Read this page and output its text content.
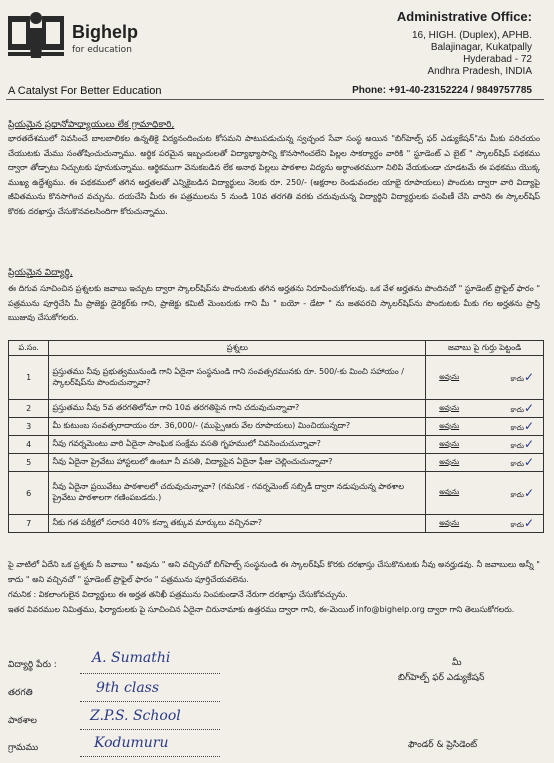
Bighelp
for education
A Catalyst For Better Education
Administrative Office:
16, HIGH. (Duplex), APHB.
Balajinagar, Kukatpally
Hyderabad - 72
Andhra Pradesh, INDIA
Phone: +91-40-23152224 / 9849757785
ప్రియమైన ప్రధానోపాధ్యాయులు లేక గ్రామాధికారి,
భారతదేశములో నివసించే బాలబాలికల ఉన్నతికై విద్యనందించుట కోసమని పాటుపడుచున్న స్వచ్ఛంద సేవా సంస్థ అయిన "బిగ్‌హెల్ప్ ఫర్ ఎడ్యుకేషన్"ను మీకు పరిచయం చేయుటకు మేము సంతోషించుచున్నాము. అర్థిక పరమైన ఇబ్బందులతో విద్యాభ్యాసాన్ని కొనసాగించలేని పిల్లల సాకర్యార్ధం వారికి " స్టూడెంట్ ఎ బైట్ " స్కాలర్‌షిప్ పథకము ద్వారా తోడ్పాటు నిచ్చుటకు పూనుకున్నాము. ఆర్థికముగా వెనుకబడిన లేక అనాథ పిల్లలు పాఠశాల విద్యను అర్ధాంతరముగా నిలిపి వేయకుండా చూడటమే ఈ పథకము యొక్క ముఖ్య ఉద్దేశ్యము. ఈ పథకములో తగిన అర్హతలతో ఎన్నికైబడిన విద్యార్థులు నెలకు రూ. 250/- (అక్షరాల రెండువందల యాభై రూపాయలు) పొందుట ద్వారా వారి విద్యాపై జీవితమును కొనసాగించ వచ్చును. దయచేసి మీరు ఈ పత్రములను 5 నుండి 10వ తరగతి వరకు చదువుచున్న విద్యార్థిని విద్యార్థులకు పంపిణీ చేసి వారిని ఈ స్కాలర్‌షిప్ కొరకు దరఖాస్తు చేసుకొనవలసిందిగా కోరుచున్నాము.
ప్రియమైన విద్యార్థి,
ఈ దిగువ సూచించిన ప్రశ్నలకు జవాబు ఇచ్చుట ద్వారా స్కాలర్‌షిప్‌ను పొందుటకు తగిన అర్హతను నిరూపించుకోగలవు. ఒక వేళ అర్హతను పొందినచో " స్టూడెంట్ ప్రొఫైల్ ఫారం " పత్రమును పూర్తిచేసి మీ ప్రాజెక్టు డైరెక్టర్‌కు గాని, ప్రాజెక్టు కమిటీ మెంబరుకు గాని మీ " బయో - డేటా " ను జతపరచి స్కాలర్‌షిప్‌ను పొందుటకు మీకు గల అర్హతను ప్రాప్తి ఋజువు చేసుకోగలరు.
ప.సం.	ప్రశ్నలు	జవాబు పై గుర్తు పెట్టండి
1	ప్రస్తుతము నీవు ప్రభుత్వమునుండి గాని ఏదైనా సంస్థనుండి గాని సంవత్సరమునకు రూ. 500/-కు మించి సహాయం / స్కాలర్‌షిప్‌ను పొందుచున్నావా?	అవును కాదు✓

2	ప్రస్తుతము నీవు 5వ తరగతిలోనూ గాని 10వ తరగతిపైన గాని చదువుచున్నావా?	అవును కాదు✓

3	మీ కుటుంబ సంవత్సరాదాయం రూ. 36,000/- (ముప్పైఆరు వేల రూపాయలు) మించియున్నదా?	అవును కాదు✓

4	నీవు గవర్నమెంటు వారి ఏదైనా సాంఘిక సంక్షేమ వసతి గృహములో నివసించుచున్నావా?	అవును కాదు✓

5	నీవు ఏదైనా ప్రైవేటు హాస్టలులో ఉంటూ నీ వసతి, విద్యాపైన ఏదైనా ఫీజు చెల్లించుచున్నావా?	అవును కాదు✓

6	నీవు ఏదైనా ప్రయివేటు పాఠశాలలో చదువుచున్నావా? (గమనిక - గవర్నమెంట్ సబ్సిడీ ద్వారా నడుపుచున్న పాఠశాల ప్రైవేటు పాఠశాలగా గణింపబడదు.)	అవును కాదు✓

7	నీకు గత పరీక్షలో సరాసరి 40% కన్నా తక్కువ మార్కులు వచ్చినవా?	అవును కాదు✓
పై వాటిలో ఏదేని ఒక ప్రశ్నకు నీ జవాబు " అవును " అని వచ్చినచో బిగ్‌హెల్ప్ సంస్థనుండి ఈ స్కాలర్‌షిప్ కొరకు దరఖాస్తు చేసుకొనుటకు నీవు అనర్హుడవు. నీ జవాబులు అన్నీ " కాదు " అని వచ్చినచో " స్టూడెంట్ ప్రొఫైల్ ఫారం " పత్రమును పూర్తిచేయవలెను.
గమనిక : వికలాంగులైన విద్యార్థులు ఈ అర్హత తనిఖీ పత్రమును నింపకుండానే నేరుగా దరఖాస్తు చేసుకోవచ్చును.
ఇతర వివరముల నిమిత్తము, ఫిర్యాదులకు పై సూచించిన ఏదైనా చిరునామాకు ఉత్తరము ద్వారా గాని, ఈ-మెయిల్ info@bighelp.org ద్వారా గాని తెలుసుకోగలరు.
విద్యార్థి పేరు :	A. Sumathi
తరగతి	9th class
పాఠశాల	Z.P.S. School
గ్రామము	Kodumuru
మీ
బిగ్‌హెల్ప్ ఫర్ ఎడ్యుకేషన్
ఫౌండర్ & ప్రెసిడెంట్
